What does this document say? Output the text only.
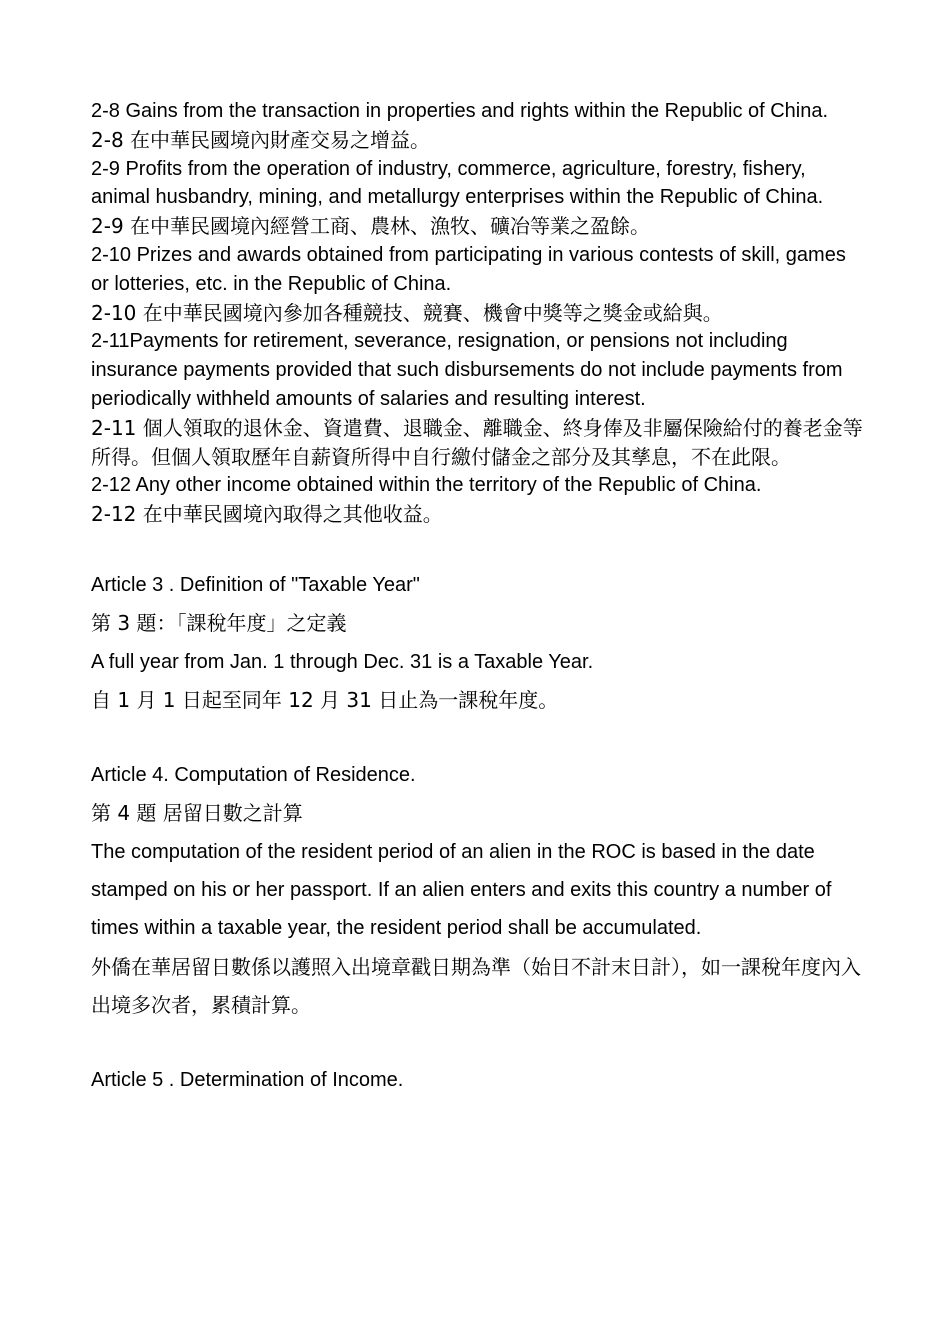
2-8 Gains from the transaction in properties and rights within the Republic of China.

2-8 在中華民國境內財產交易之增益。

2-9 Profits from the operation of industry, commerce, agriculture, forestry, fishery, animal husbandry, mining, and metallurgy enterprises within the Republic of China.

2-9 在中華民國境內經營工商、農林、漁牧、礦冶等業之盈餘。

2-10 Prizes and awards obtained from participating in various contests of skill, games or lotteries, etc. in the Republic of China.

2-10 在中華民國境內參加各種競技、競賽、機會中獎等之獎金或給與。

2-11Payments for retirement, severance, resignation, or pensions not including insurance payments provided that such disbursements do not include payments from periodically withheld amounts of salaries and resulting interest.

2-11 個人領取的退休金、資遣費、退職金、離職金、終身俸及非屬保險給付的養老金等所得。但個人領取歷年自薪資所得中自行繳付儲金之部分及其孳息，不在此限。

2-12 Any other income obtained within the territory of the Republic of China.

2-12 在中華民國境內取得之其他收益。

Article 3 . Definition of "Taxable Year"

第 3 題：「課稅年度」之定義

A full year from Jan. 1 through Dec. 31 is a Taxable Year.

自 1 月 1 日起至同年 12 月 31 日止為一課稅年度。

Article 4. Computation of Residence.

第 4 題 居留日數之計算

The computation of the resident period of an alien in the ROC is based in the date stamped on his or her passport. If an alien enters and exits this country a number of times within a taxable year, the resident period shall be accumulated.

外僑在華居留日數係以護照入出境章戳日期為準（始日不計末日計），如一課稅年度內入出境多次者，累積計算。

Article 5 . Determination of Income.
